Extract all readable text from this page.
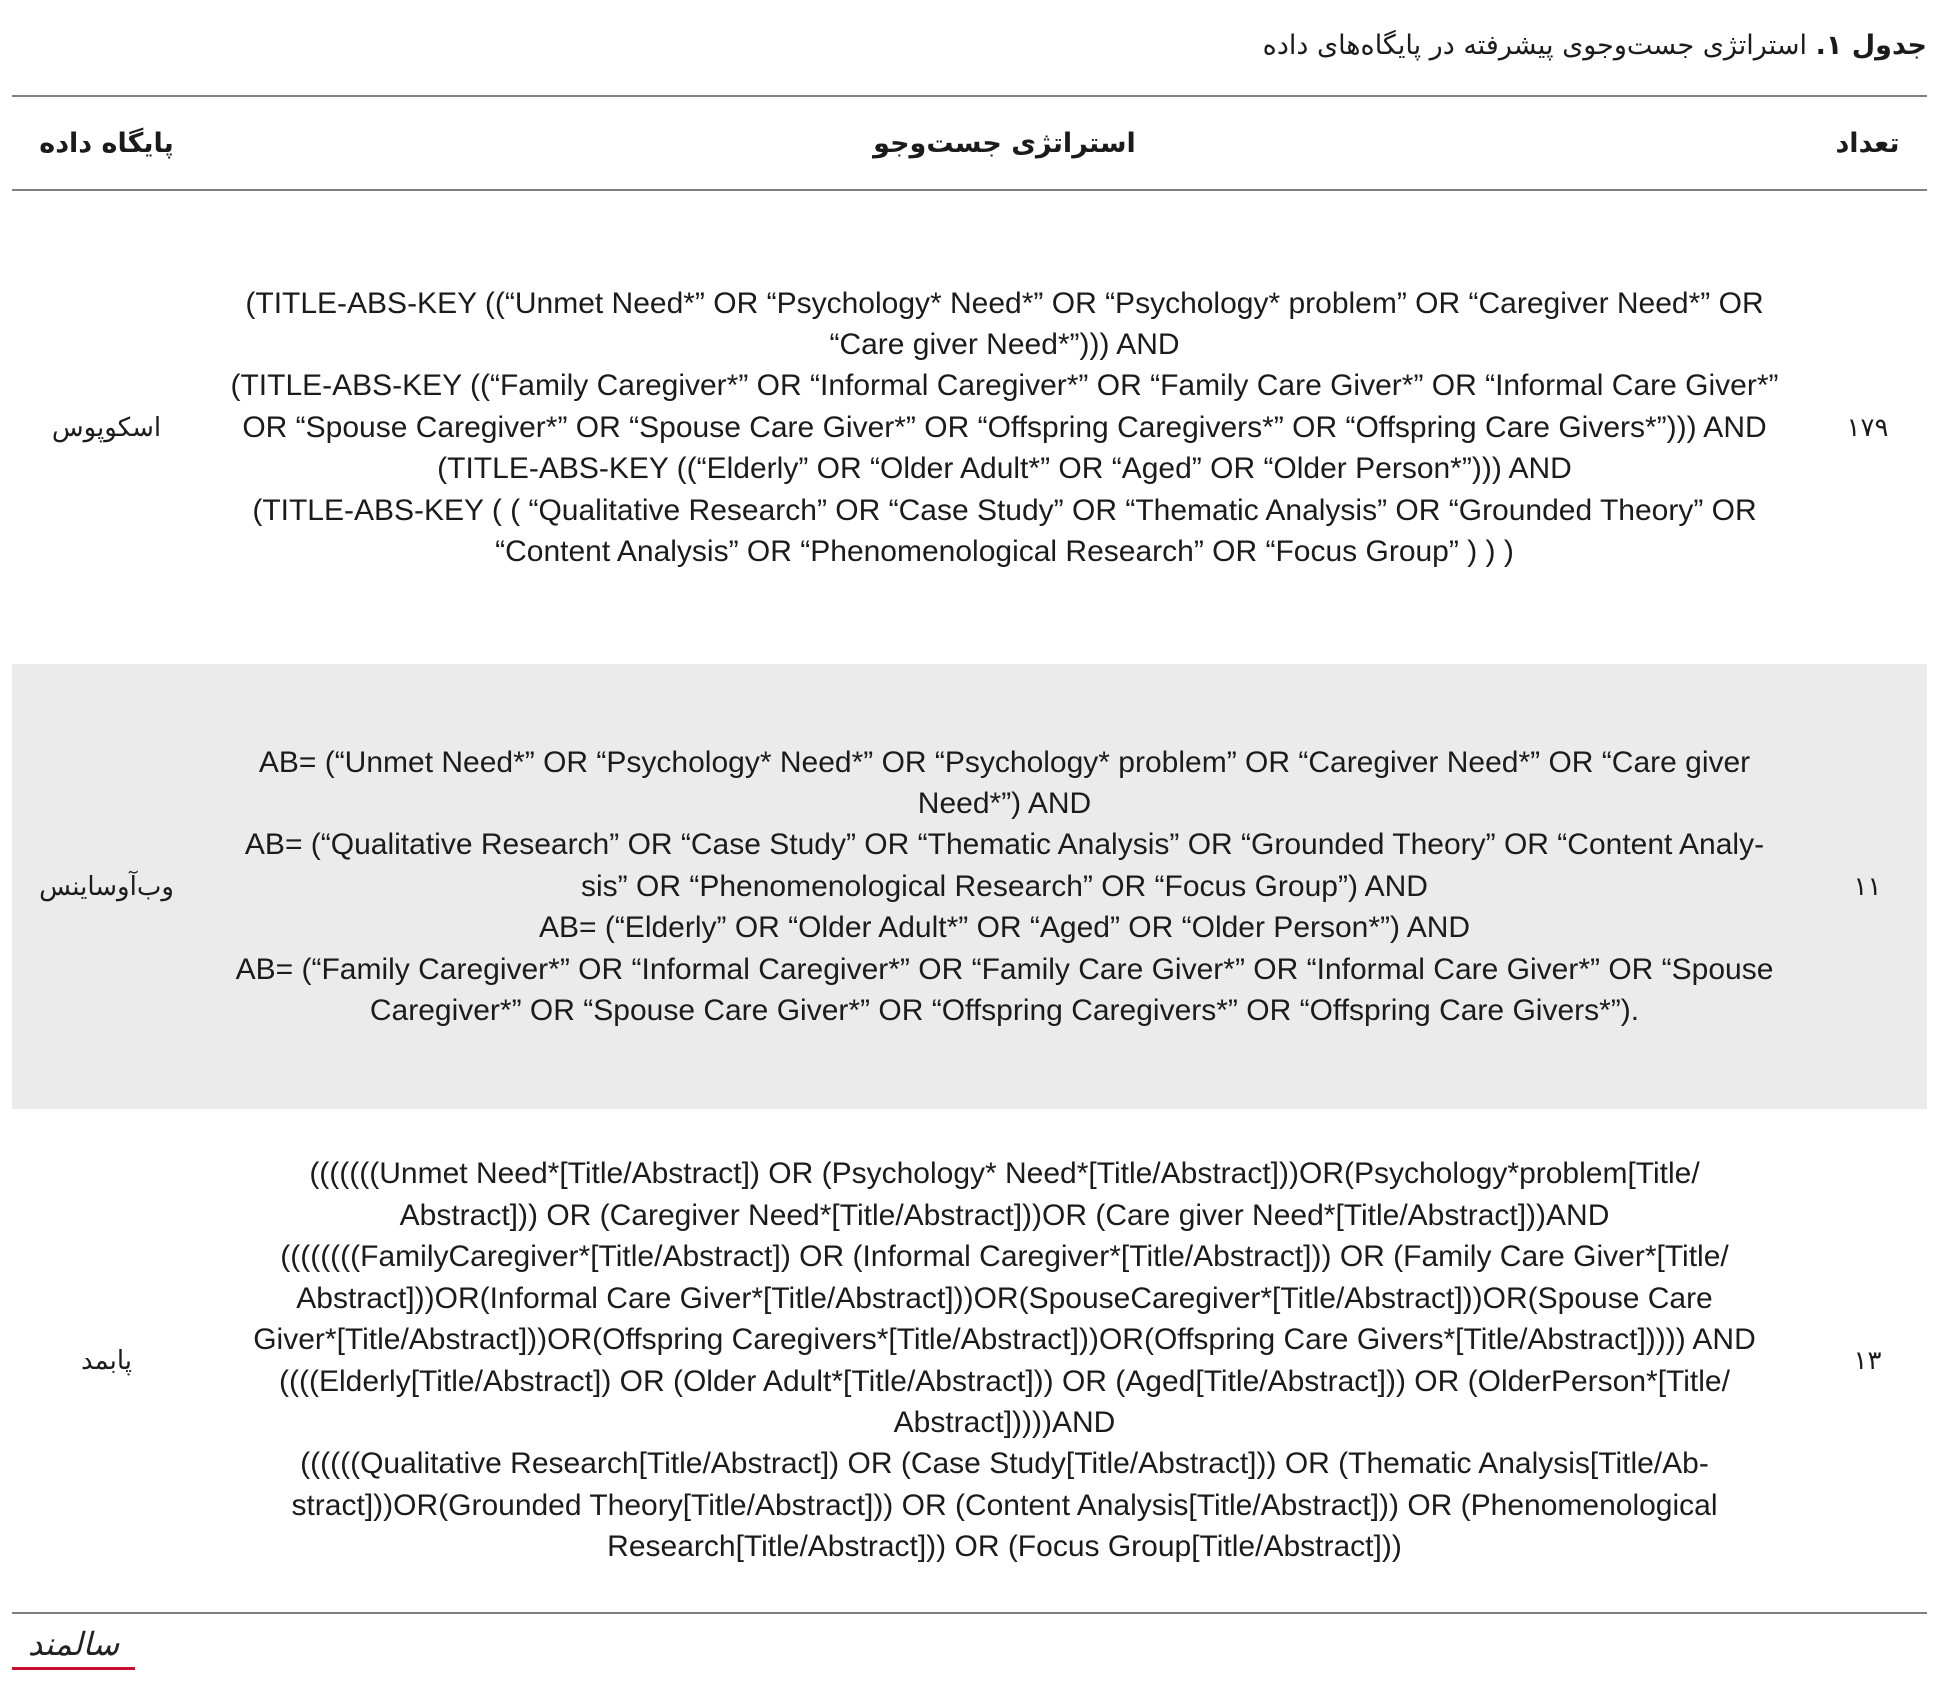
جدول ۱. استراتژی جست‌وجوی پیشرفته در پایگاه‌های داده
پایگاه داده	استراتژی جست‌وجو	تعداد
اسکوپوس
(TITLE-ABS-KEY ((“Unmet Need*” OR “Psychology* Need*” OR “Psychology* problem” OR “Caregiver Need*” OR
“Care giver Need*”))) AND
(TITLE-ABS-KEY ((“Family Caregiver*” OR “Informal Caregiver*” OR “Family Care Giver*” OR “Informal Care Giver*”
OR “Spouse Caregiver*” OR “Spouse Care Giver*” OR “Offspring Caregivers*” OR “Offspring Care Givers*”))) AND
(TITLE-ABS-KEY ((“Elderly” OR “Older Adult*” OR “Aged” OR “Older Person*”))) AND
(TITLE-ABS-KEY ( ( “Qualitative Research” OR “Case Study” OR “Thematic Analysis” OR “Grounded Theory” OR
“Content Analysis” OR “Phenomenological Research” OR “Focus Group” ) ) )
۱۷۹
وب‌آوساینس
AB= (“Unmet Need*” OR “Psychology* Need*” OR “Psychology* problem” OR “Caregiver Need*” OR “Care giver
Need*”) AND
AB= (“Qualitative Research” OR “Case Study” OR “Thematic Analysis” OR “Grounded Theory” OR “Content Analy-
sis” OR “Phenomenological Research” OR “Focus Group”) AND
AB= (“Elderly” OR “Older Adult*” OR “Aged” OR “Older Person*”) AND
AB= (“Family Caregiver*” OR “Informal Caregiver*” OR “Family Care Giver*” OR “Informal Care Giver*” OR “Spouse
Caregiver*” OR “Spouse Care Giver*” OR “Offspring Caregivers*” OR “Offspring Care Givers*”).
۱۱
پابمد
(((((((Unmet Need*[Title/Abstract]) OR (Psychology* Need*[Title/Abstract]))OR(Psychology*problem[Title/
Abstract])) OR (Caregiver Need*[Title/Abstract]))OR (Care giver Need*[Title/Abstract]))AND
((((((((FamilyCaregiver*[Title/Abstract]) OR (Informal Caregiver*[Title/Abstract])) OR (Family Care Giver*[Title/
Abstract]))OR(Informal Care Giver*[Title/Abstract]))OR(SpouseCaregiver*[Title/Abstract]))OR(Spouse Care
Giver*[Title/Abstract]))OR(Offspring Caregivers*[Title/Abstract]))OR(Offspring Care Givers*[Title/Abstract])))) AND
((((Elderly[Title/Abstract]) OR (Older Adult*[Title/Abstract])) OR (Aged[Title/Abstract])) OR (OlderPerson*[Title/
Abstract]))))AND
((((((Qualitative Research[Title/Abstract]) OR (Case Study[Title/Abstract])) OR (Thematic Analysis[Title/Ab-
stract]))OR(Grounded Theory[Title/Abstract])) OR (Content Analysis[Title/Abstract])) OR (Phenomenological
Research[Title/Abstract])) OR (Focus Group[Title/Abstract]))
۱۳
سالمند
